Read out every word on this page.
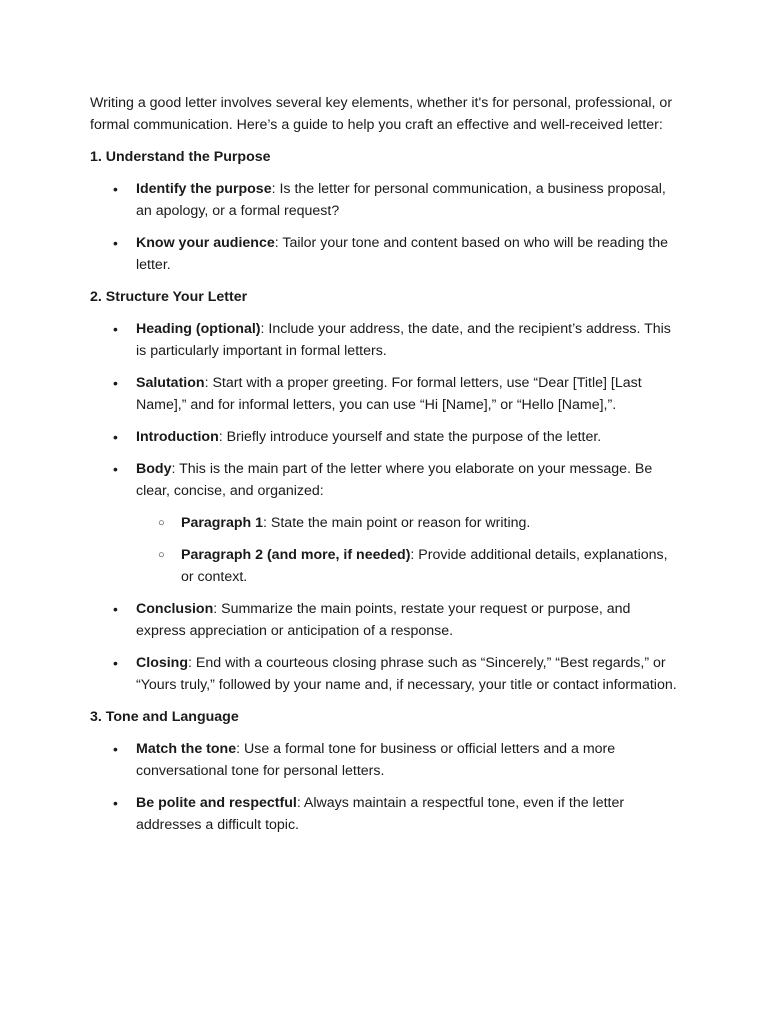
Writing a good letter involves several key elements, whether it's for personal, professional, or formal communication. Here’s a guide to help you craft an effective and well-received letter:

1. Understand the Purpose

• Identify the purpose: Is the letter for personal communication, a business proposal, an apology, or a formal request?
• Know your audience: Tailor your tone and content based on who will be reading the letter.

2. Structure Your Letter

• Heading (optional): Include your address, the date, and the recipient’s address. This is particularly important in formal letters.
• Salutation: Start with a proper greeting. For formal letters, use “Dear [Title] [Last Name],” and for informal letters, you can use “Hi [Name],” or “Hello [Name],”.
• Introduction: Briefly introduce yourself and state the purpose of the letter.
• Body: This is the main part of the letter where you elaborate on your message. Be clear, concise, and organized:
○ Paragraph 1: State the main point or reason for writing.
○ Paragraph 2 (and more, if needed): Provide additional details, explanations, or context.
• Conclusion: Summarize the main points, restate your request or purpose, and express appreciation or anticipation of a response.
• Closing: End with a courteous closing phrase such as “Sincerely,” “Best regards,” or “Yours truly,” followed by your name and, if necessary, your title or contact information.

3. Tone and Language

• Match the tone: Use a formal tone for business or official letters and a more conversational tone for personal letters.
• Be polite and respectful: Always maintain a respectful tone, even if the letter addresses a difficult topic.
